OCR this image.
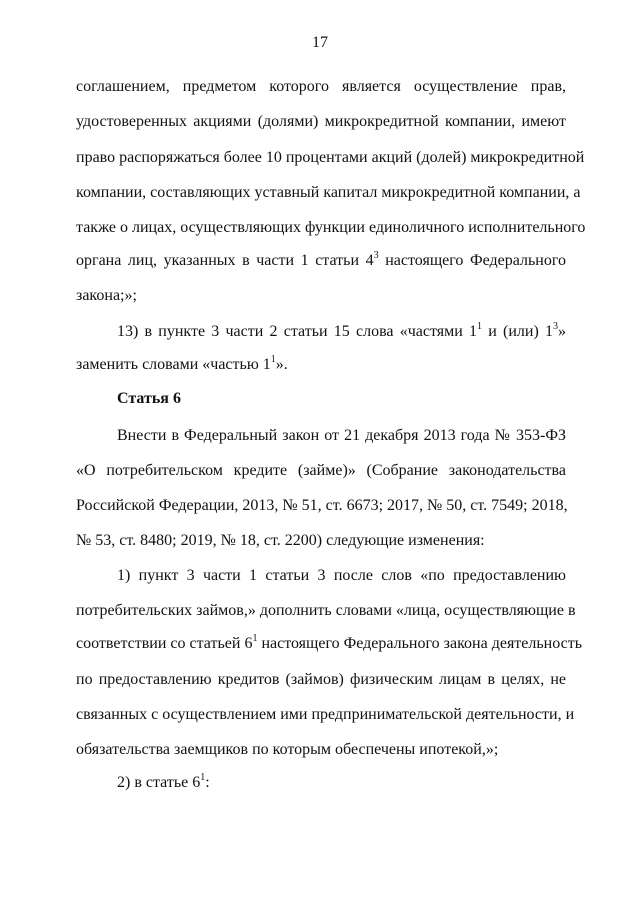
17
соглашением, предметом которого является осуществление прав,
удостоверенных акциями (долями) микрокредитной компании, имеют
право распоряжаться более 10 процентами акций (долей) микрокредитной
компании, составляющих уставный капитал микрокредитной компании, а
также о лицах, осуществляющих функции единоличного исполнительного
органа лиц, указанных в части 1 статьи $4^3$ настоящего Федерального
закона;»;
13) в пункте 3 части 2 статьи 15 слова «частями $1^1$ и (или) $1^3$»
заменить словами «частью $1^1$».
Статья 6
Внести в Федеральный закон от 21 декабря 2013 года № 353-ФЗ
«О потребительском кредите (займе)» (Собрание законодательства
Российской Федерации, 2013, № 51, ст. 6673; 2017, № 50, ст. 7549; 2018,
№ 53, ст. 8480; 2019, № 18, ст. 2200) следующие изменения:
1) пункт 3 части 1 статьи 3 после слов «по предоставлению
потребительских займов,» дополнить словами «лица, осуществляющие в
соответствии со статьей $6^1$ настоящего Федерального закона деятельность
по предоставлению кредитов (займов) физическим лицам в целях, не
связанных с осуществлением ими предпринимательской деятельности, и
обязательства заемщиков по которым обеспечены ипотекой,»;
2) в статье $6^1$:
